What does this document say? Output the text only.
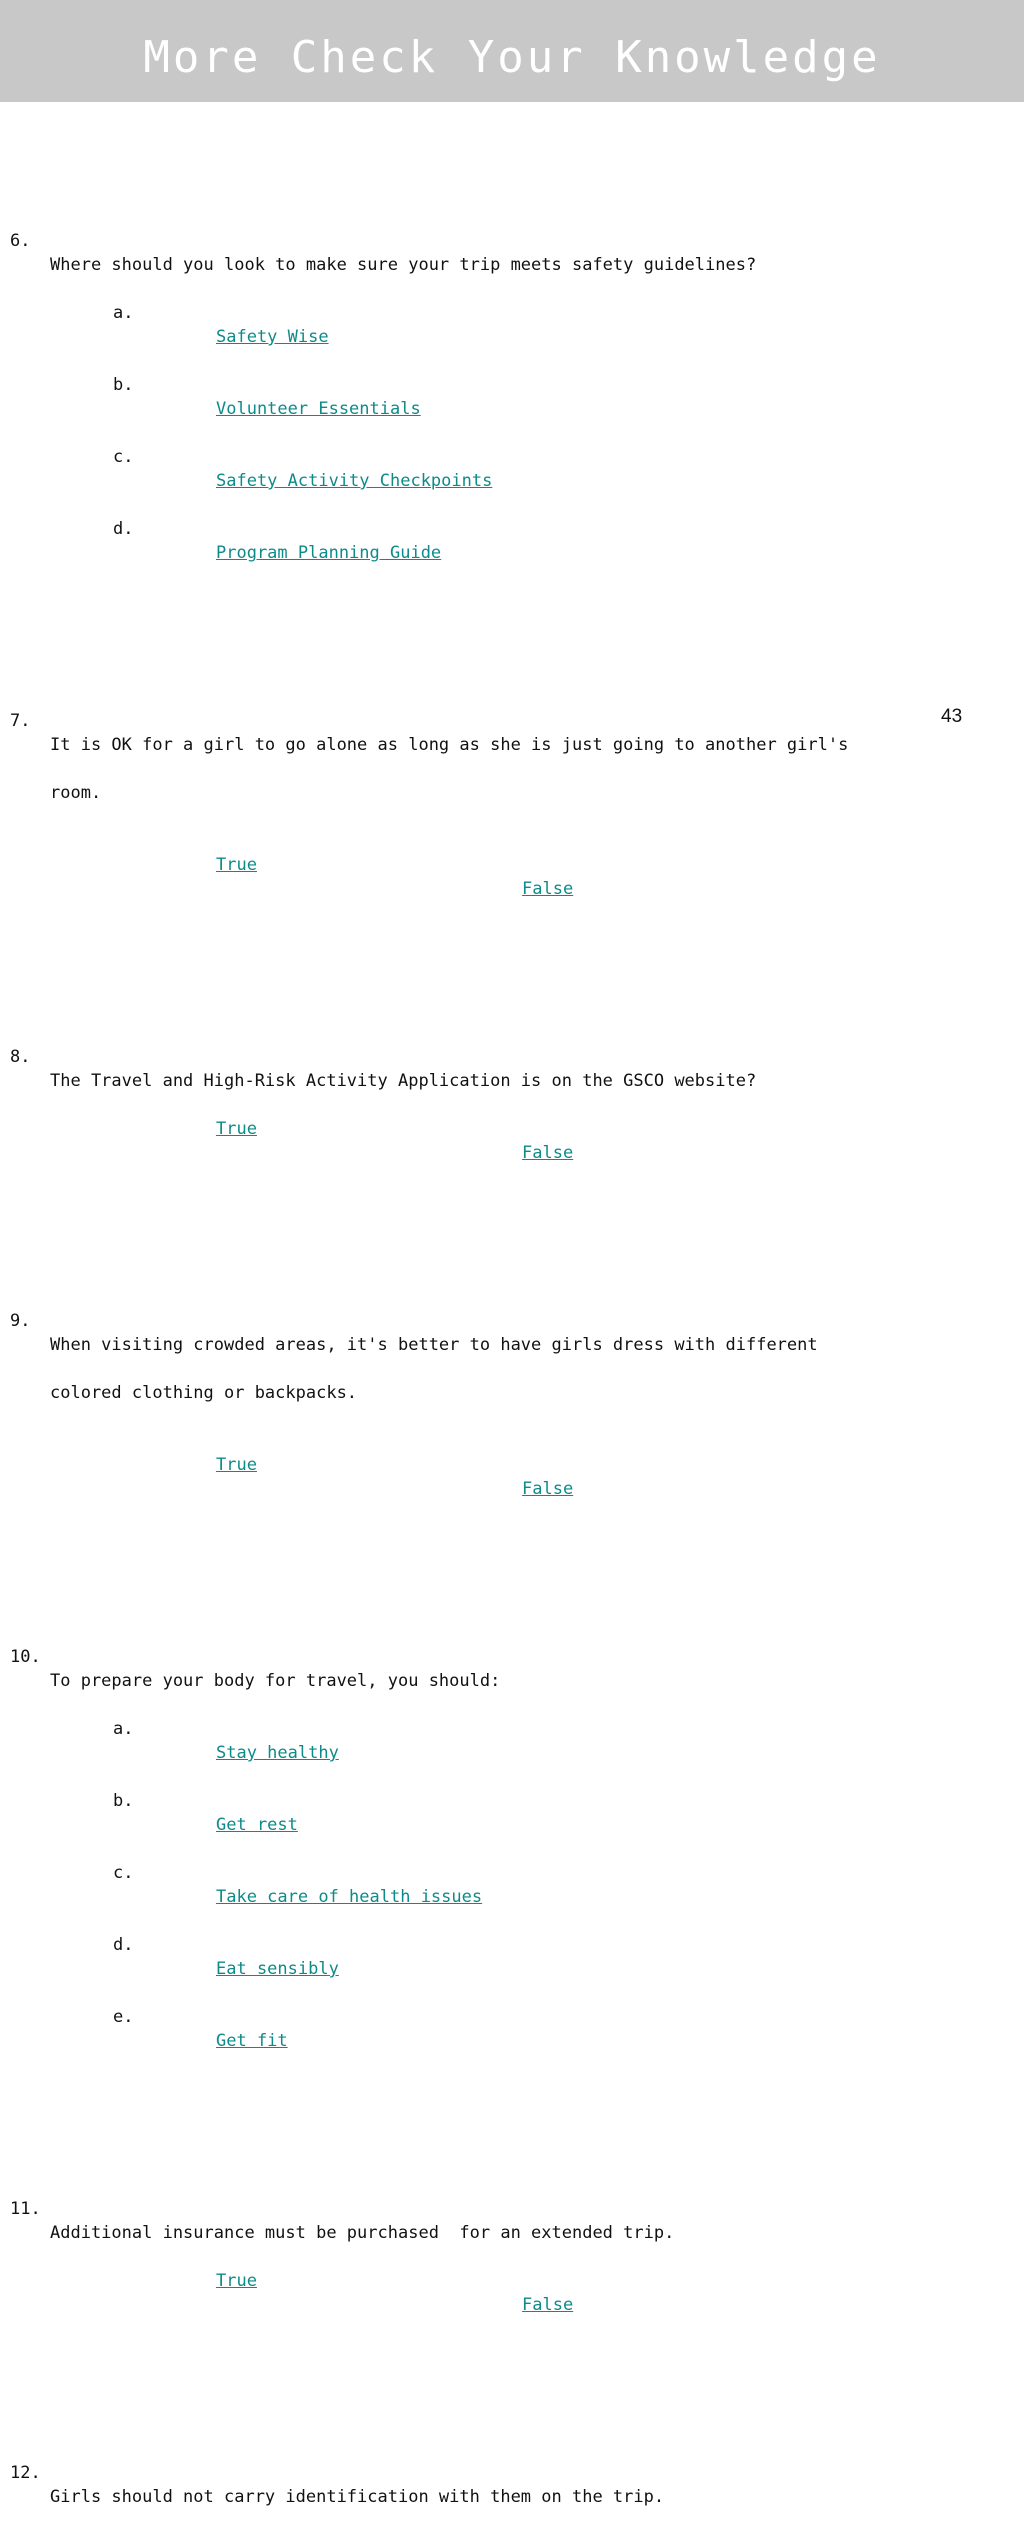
More Check Your Knowledge

6.

Where should you look to make sure your trip meets safety guidelines?

a.

Safety Wise

b.

Volunteer Essentials

c.

Safety Activity Checkpoints

d.

Program Planning Guide

7.

It is OK for a girl to go alone as long as she is just going to another girl's

room.

True

False

8.

The Travel and High-Risk Activity Application is on the GSCO website?

True

False

9.

When visiting crowded areas, it's better to have girls dress with different

colored clothing or backpacks.

True

False

10.

To prepare your body for travel, you should:

a.

Stay healthy

b.

Get rest

c.

Take care of health issues

d.

Eat sensibly

e.

Get fit

11.

Additional insurance must be purchased  for an extended trip.

True

False

12.

Girls should not carry identification with them on the trip.

43
